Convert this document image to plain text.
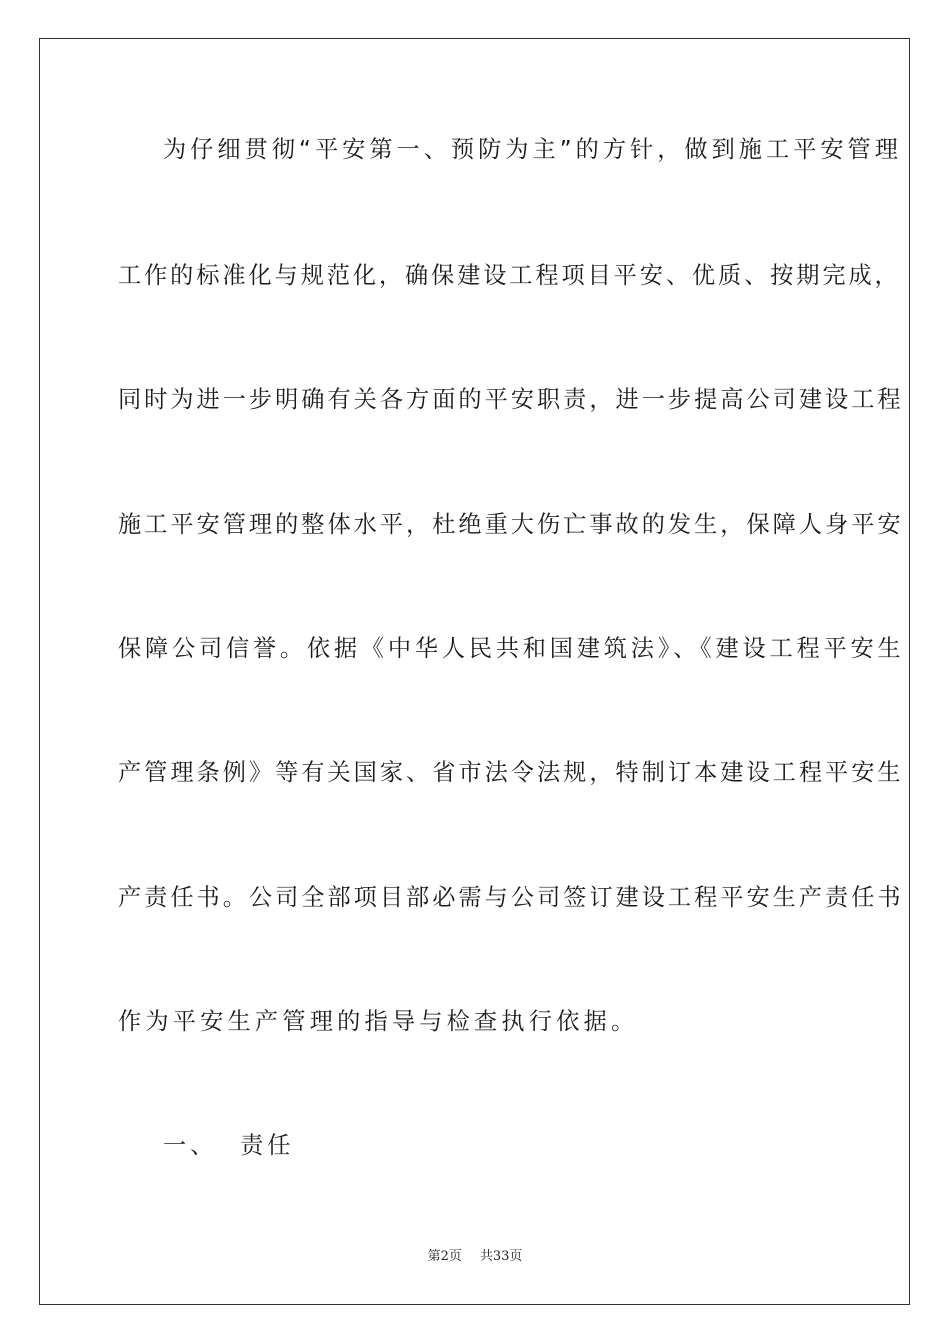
为仔细贯彻“平安第一、预防为主”的方针，做到施工平安管理
工作的标准化与规范化，确保建设工程项目平安、优质、按期完成，
同时为进一步明确有关各方面的平安职责，进一步提高公司建设工程
施工平安管理的整体水平，杜绝重大伤亡事故的发生，保障人身平安
保障公司信誉。依据《中华人民共和国建筑法》、《建设工程平安生
产管理条例》等有关国家、省市法令法规，特制订本建设工程平安生
产责任书。公司全部项目部必需与公司签订建设工程平安生产责任书
作为平安生产管理的指导与检查执行依据。
一、  责任
第2页 共33页
